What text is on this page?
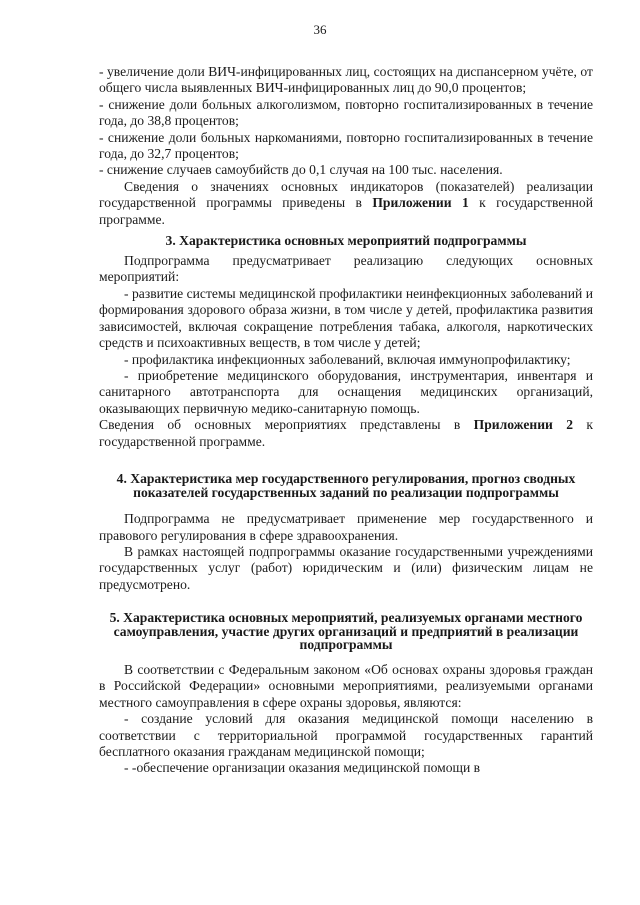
36

- увеличение доли ВИЧ-инфицированных лиц, состоящих на диспансерном учёте, от общего числа выявленных ВИЧ-инфицированных лиц до 90,0 процентов;

- снижение доли больных алкоголизмом, повторно госпитализированных в течение года, до 38,8 процентов;

- снижение доли больных наркоманиями, повторно госпитализированных в течение года, до 32,7 процентов;

- снижение случаев самоубийств до 0,1 случая на 100 тыс. населения.

Сведения о значениях основных индикаторов (показателей) реализации государственной программы приведены в Приложении 1 к государственной программе.

3. Характеристика основных мероприятий подпрограммы

Подпрограмма предусматривает реализацию следующих основных мероприятий:

- развитие системы медицинской профилактики неинфекционных заболеваний и формирования здорового образа жизни, в том числе у детей, профилактика развития зависимостей, включая сокращение потребления табака, алкоголя, наркотических средств и психоактивных веществ, в том числе у детей;

- профилактика инфекционных заболеваний, включая иммунопрофилактику;

- приобретение медицинского оборудования, инструментария, инвентаря и санитарного автотранспорта для оснащения медицинских организаций, оказывающих первичную медико-санитарную помощь.

Сведения об основных мероприятиях представлены в Приложении 2 к государственной программе.

4. Характеристика мер государственного регулирования, прогноз сводных показателей государственных заданий по реализации подпрограммы

Подпрограмма не предусматривает применение мер государственного и правового регулирования в сфере здравоохранения.

В рамках настоящей подпрограммы оказание государственными учреждениями государственных услуг (работ) юридическим и (или) физическим лицам не предусмотрено.

5. Характеристика основных мероприятий, реализуемых органами местного самоуправления, участие других организаций и предприятий в реализации подпрограммы

В соответствии с Федеральным законом «Об основах охраны здоровья граждан в Российской Федерации» основными мероприятиями, реализуемыми органами местного самоуправления в сфере охраны здоровья, являются:

- создание условий для оказания медицинской помощи населению в соответствии с территориальной программой государственных гарантий бесплатного оказания гражданам медицинской помощи;

- -обеспечение организации оказания медицинской помощи в
